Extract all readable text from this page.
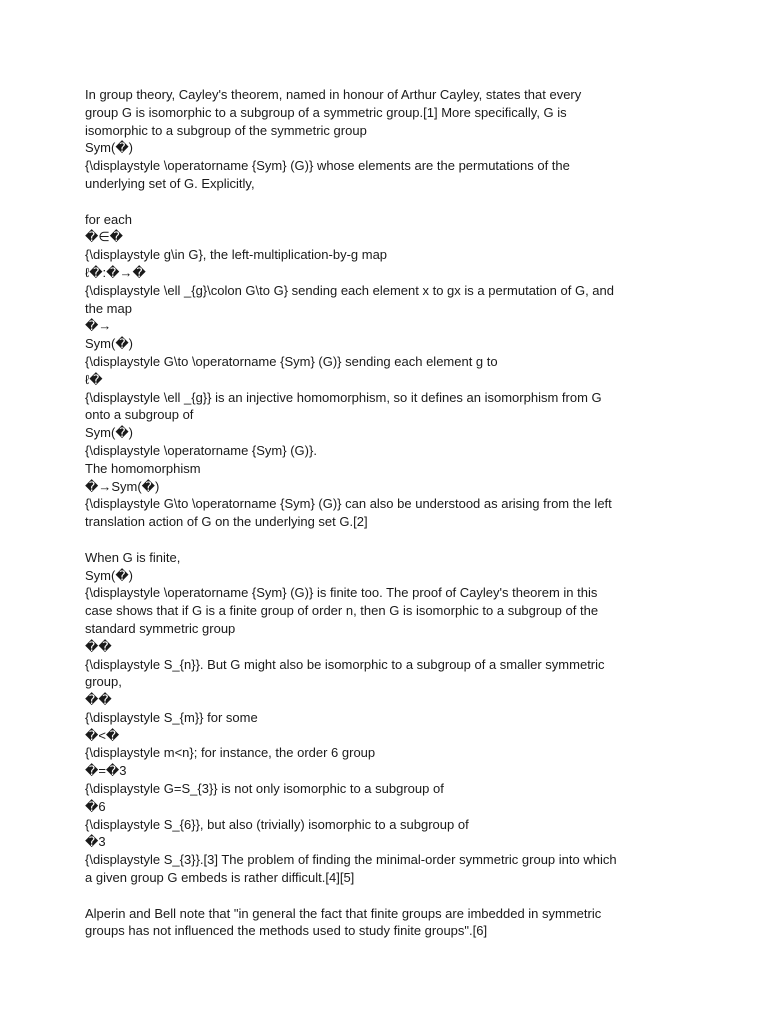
In group theory, Cayley's theorem, named in honour of Arthur Cayley, states that every
group G is isomorphic to a subgroup of a symmetric group.[1] More specifically, G is
isomorphic to a subgroup of the symmetric group
Sym(�)
{\displaystyle \operatorname {Sym} (G)} whose elements are the permutations of the
underlying set of G. Explicitly,
for each
�∈�
{\displaystyle g\in G}, the left-multiplication-by-g map
ℓ�:�→�
{\displaystyle \ell _{g}\colon G\to G} sending each element x to gx is a permutation of G, and
the map
�→
Sym(�)
{\displaystyle G\to \operatorname {Sym} (G)} sending each element g to
ℓ�
{\displaystyle \ell _{g}} is an injective homomorphism, so it defines an isomorphism from G
onto a subgroup of
Sym(�)
{\displaystyle \operatorname {Sym} (G)}.
The homomorphism
�→Sym(�)
{\displaystyle G\to \operatorname {Sym} (G)} can also be understood as arising from the left
translation action of G on the underlying set G.[2]
When G is finite,
Sym(�)
{\displaystyle \operatorname {Sym} (G)} is finite too. The proof of Cayley's theorem in this
case shows that if G is a finite group of order n, then G is isomorphic to a subgroup of the
standard symmetric group
��
{\displaystyle S_{n}}. But G might also be isomorphic to a subgroup of a smaller symmetric
group,
��
{\displaystyle S_{m}} for some
�<�
{\displaystyle m<n}; for instance, the order 6 group
�=�3
{\displaystyle G=S_{3}} is not only isomorphic to a subgroup of
�6
{\displaystyle S_{6}}, but also (trivially) isomorphic to a subgroup of
�3
{\displaystyle S_{3}}.[3] The problem of finding the minimal-order symmetric group into which
a given group G embeds is rather difficult.[4][5]
Alperin and Bell note that "in general the fact that finite groups are imbedded in symmetric
groups has not influenced the methods used to study finite groups".[6]
